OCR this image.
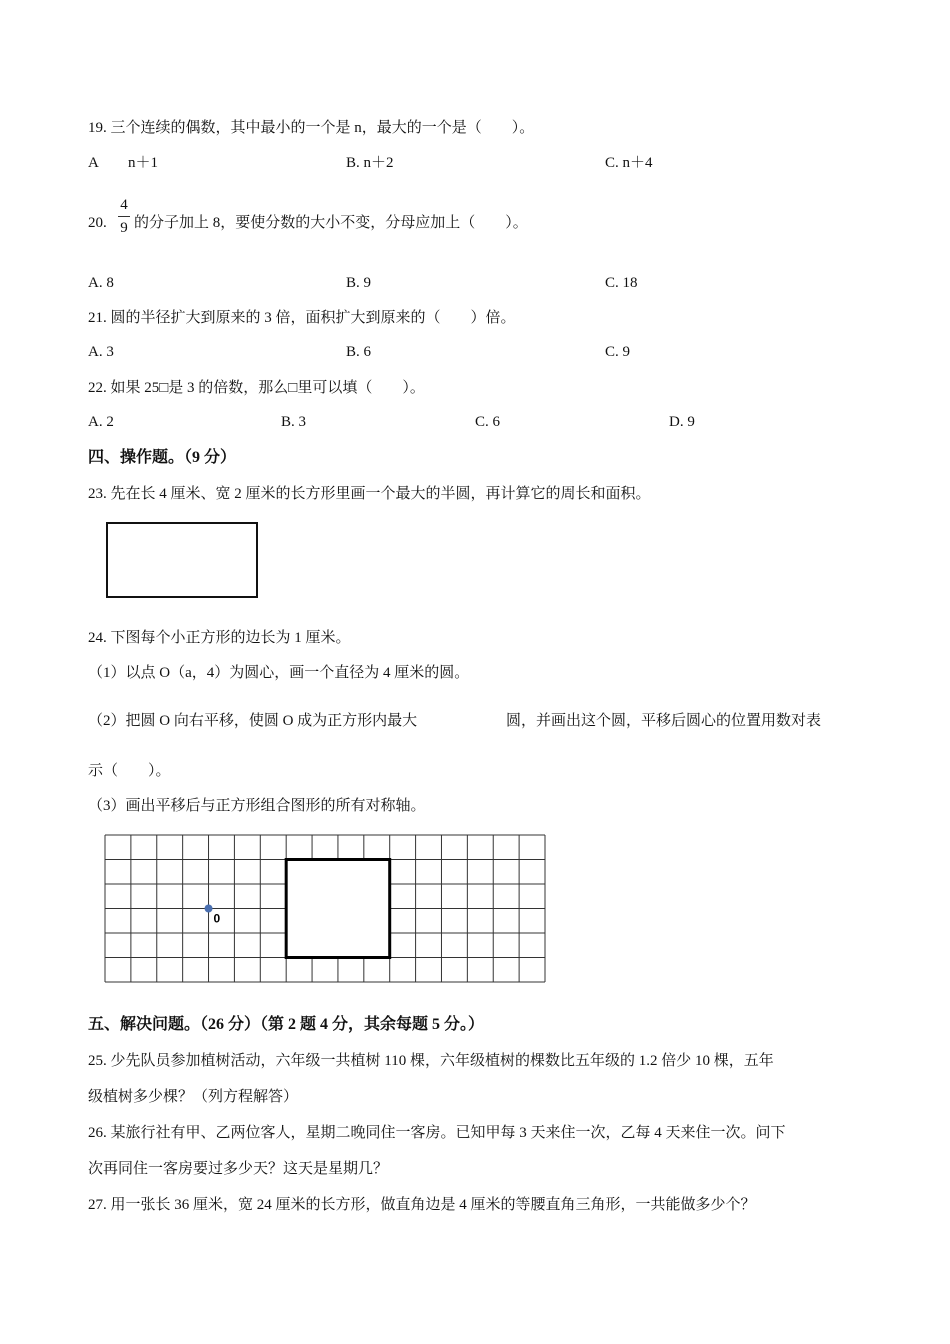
19. 三个连续的偶数，其中最小的一个是 n，最大的一个是（　　）。
A　　n＋1	B. n＋2	C. n＋4
20.
4
9 的分子加上 8，要使分数的大小不变，分母应加上（　　）。
A. 8	B. 9	C. 18
21. 圆的半径扩大到原来的 3 倍，面积扩大到原来的（　　）倍。
A. 3	B. 6	C. 9
22. 如果 25□是 3 的倍数，那么□里可以填（　　）。
A. 2	B. 3	C. 6	D. 9
四、操作题。（9 分）
23. 先在长 4 厘米、宽 2 厘米的长方形里画一个最大的半圆，再计算它的周长和面积。
24. 下图每个小正方形的边长为 1 厘米。
（1）以点 O（a，4）为圆心，画一个直径为 4 厘米的圆。
（2）把圆 O 向右平移，使圆 O 成为正方形内最大	圆，并画出这个圆，平移后圆心的位置用数对表
示（　　）。
（3）画出平移后与正方形组合图形的所有对称轴。
0
五、解决问题。（26 分）（第 2 题 4 分，其余每题 5 分。）
25. 少先队员参加植树活动，六年级一共植树 110 棵，六年级植树的棵数比五年级的 1.2 倍少 10 棵，五年
级植树多少棵？（列方程解答）
26. 某旅行社有甲、乙两位客人，星期二晚同住一客房。已知甲每 3 天来住一次，乙每 4 天来住一次。问下
次再同住一客房要过多少天？这天是星期几？
27. 用一张长 36 厘米，宽 24 厘米的长方形，做直角边是 4 厘米的等腰直角三角形，一共能做多少个？
